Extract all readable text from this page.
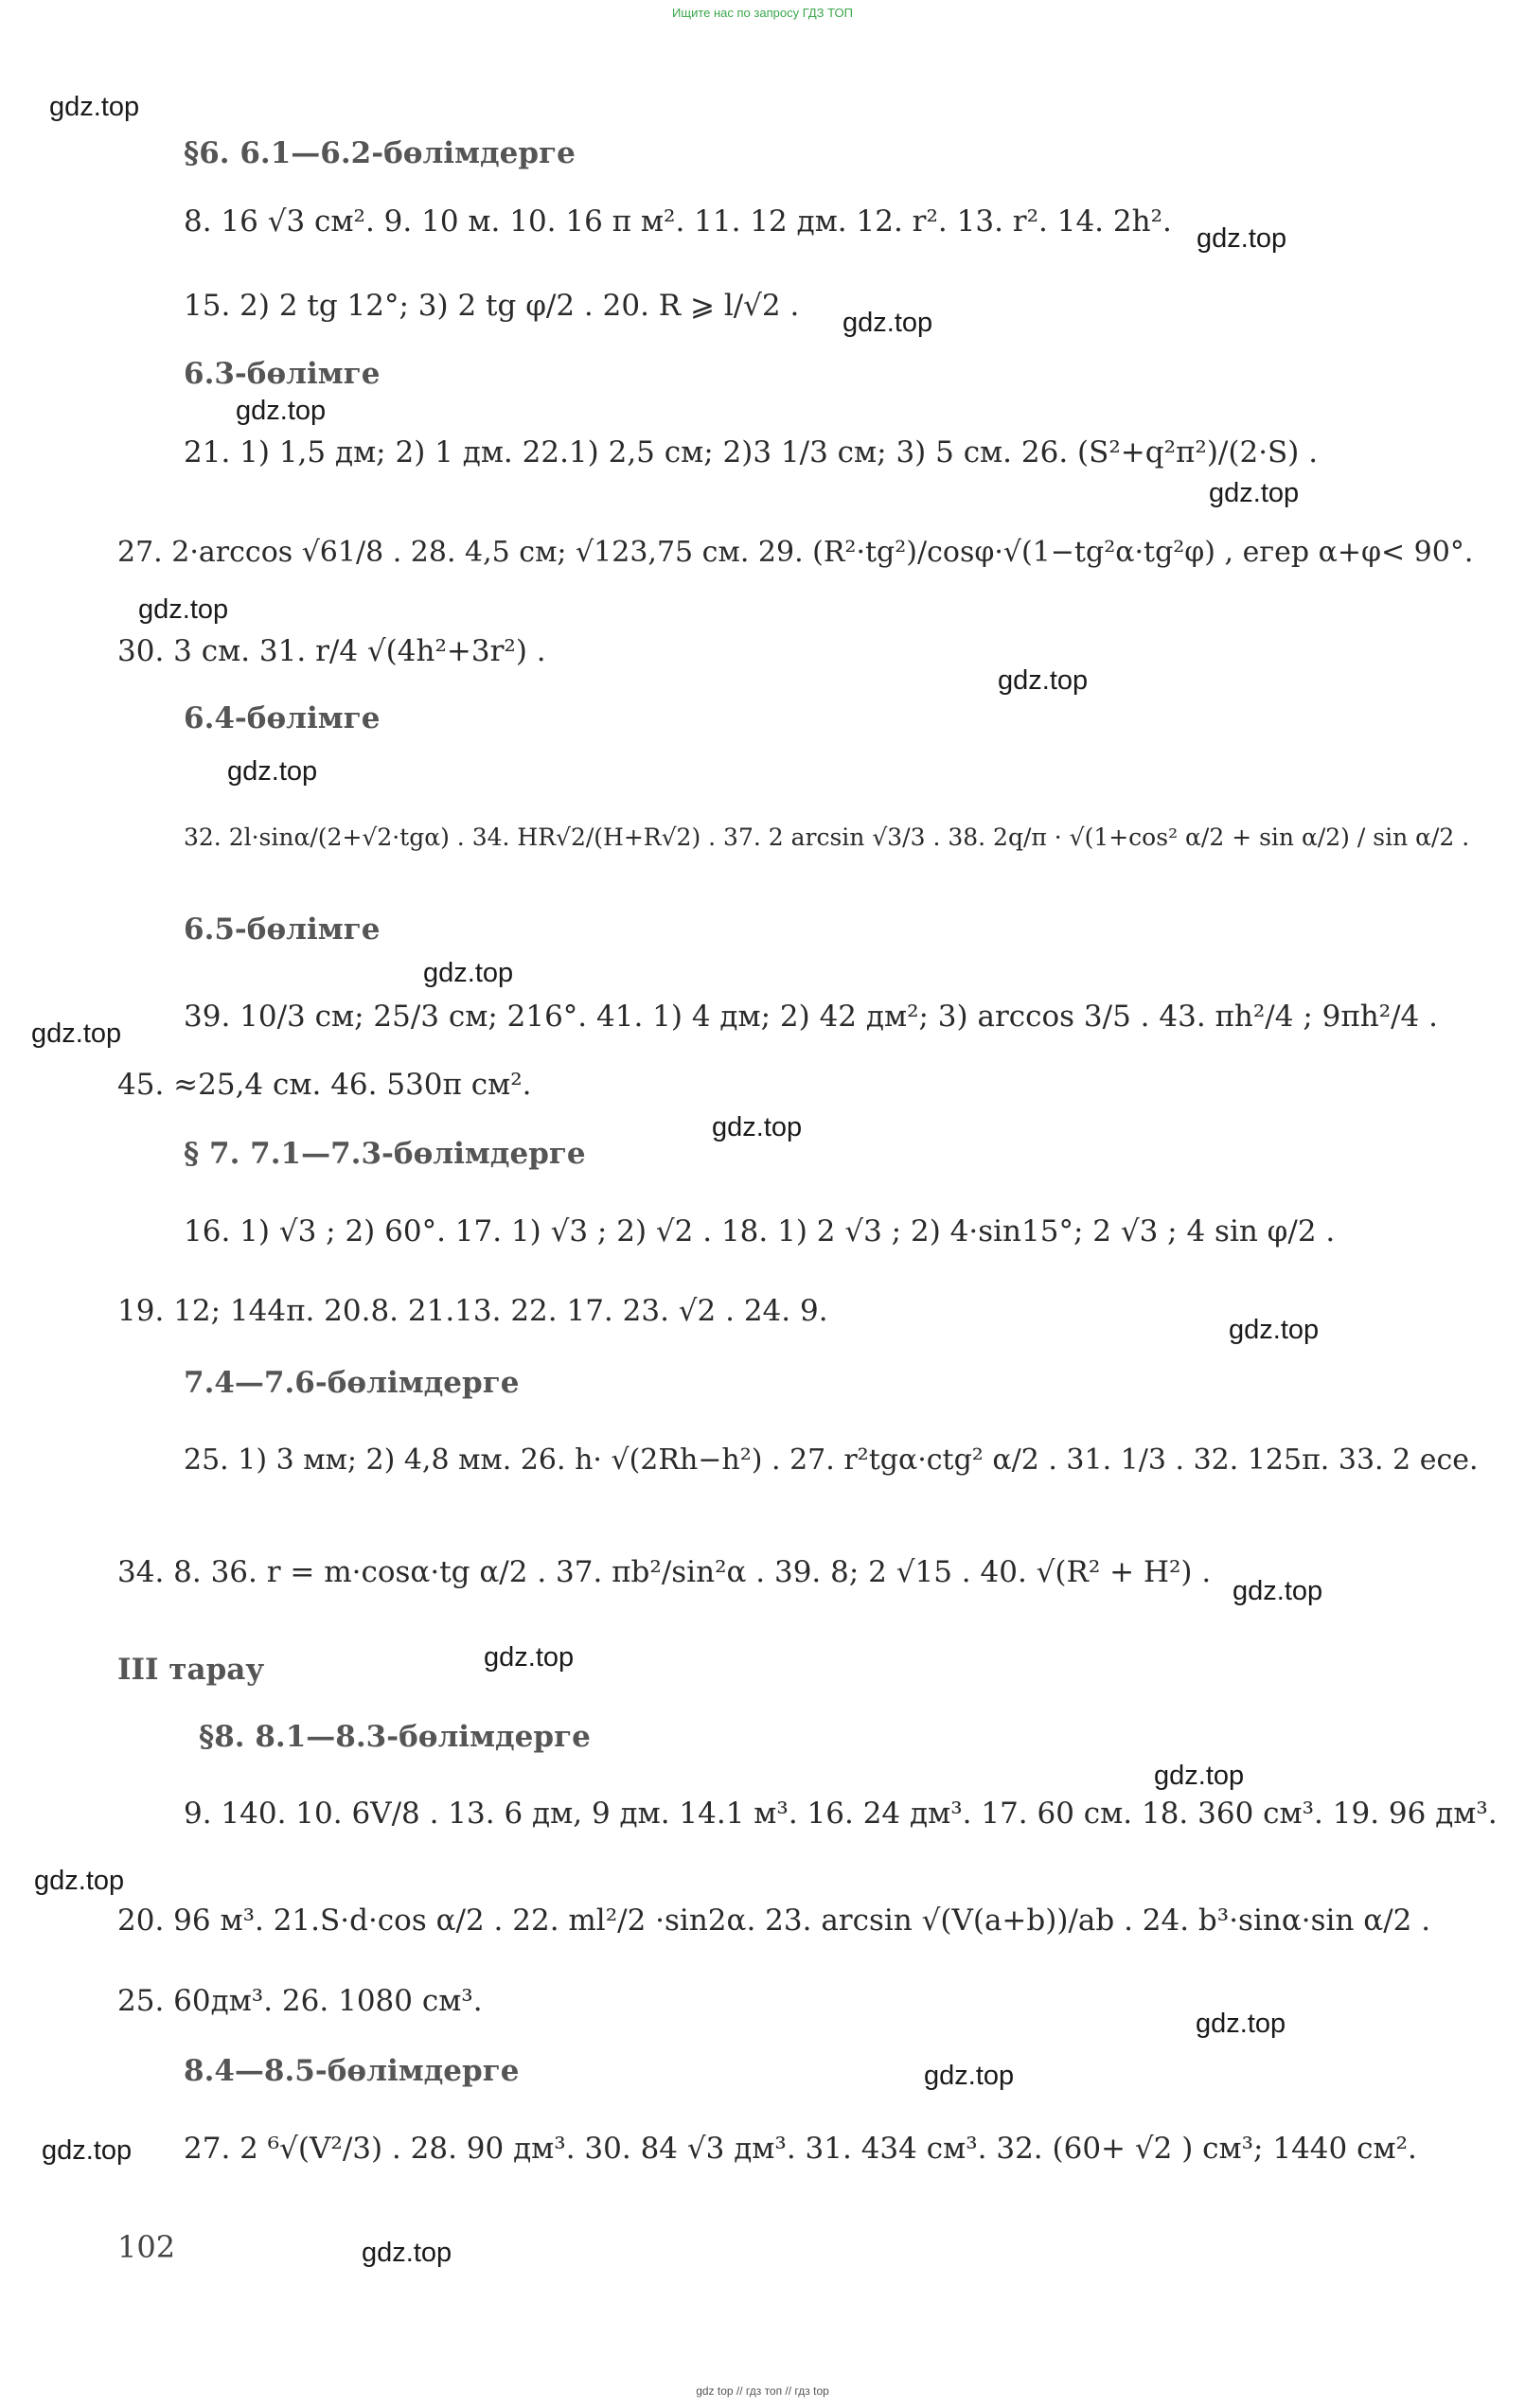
Ищите нас по запросу ГДЗ ТОП
gdz.top
gdz.top
gdz.top
gdz.top
gdz.top
gdz.top
gdz.top
gdz.top
gdz.top
gdz.top
gdz.top
gdz.top
gdz.top
gdz.top
gdz.top
gdz.top
gdz.top
gdz.top
gdz.top
gdz.top
§6. 6.1—6.2-бөлімдерге
6.3-бөлімге
6.4-бөлімге
6.5-бөлімге
§ 7. 7.1—7.3-бөлімдерге
7.4—7.6-бөлімдерге
III тарау
§8. 8.1—8.3-бөлімдерге
8.4—8.5-бөлімдерге
8. 16 √3 см². 9. 10 м. 10. 16 π м². 11. 12 дм. 12. r². 13. r². 14. 2h².
15. 2) 2 tg 12°; 3) 2 tg φ/2 . 20. R ⩾ l/√2 .
21. 1) 1,5 дм; 2) 1 дм. 22.1) 2,5 см; 2)3 1/3 см; 3) 5 см. 26. (S²+q²π²)/(2·S) .
27. 2·arccos √61/8 . 28. 4,5 см; √123,75 см. 29. (R²·tg²)/cosφ·√(1−tg²α·tg²φ) , егер α+φ< 90°.
30. 3 см. 31. r/4 √(4h²+3r²) .
32. 2l·sinα/(2+√2·tgα) . 34. HR√2/(H+R√2) . 37. 2 arcsin √3/3 . 38. 2q/π · √(1+cos² α/2 + sin α/2) / sin α/2 .
39. 10/3 см; 25/3 см; 216°. 41. 1) 4 дм; 2) 42 дм²; 3) arccos 3/5 . 43. πh²/4 ; 9πh²/4 .
45. ≈25,4 см. 46. 530π см².
16. 1) √3 ; 2) 60°. 17. 1) √3 ; 2) √2 . 18. 1) 2 √3 ; 2) 4·sin15°; 2 √3 ; 4 sin φ/2 .
19. 12; 144π. 20.8. 21.13. 22. 17. 23. √2 . 24. 9.
25. 1) 3 мм; 2) 4,8 мм. 26. h· √(2Rh−h²) . 27. r²tgα·ctg² α/2 . 31. 1/3 . 32. 125π. 33. 2 есе.
34. 8. 36. r = m·cosα·tg α/2 . 37. πb²/sin²α . 39. 8; 2 √15 . 40. √(R² + H²) .
9. 140. 10. 6V/8 . 13. 6 дм, 9 дм. 14.1 м³. 16. 24 дм³. 17. 60 см. 18. 360 см³. 19. 96 дм³.
20. 96 м³. 21.S·d·cos α/2 . 22. ml²/2 ·sin2α. 23. arcsin √(V(a+b))/ab . 24. b³·sinα·sin α/2 .
25. 60дм³. 26. 1080 см³.
27. 2 ⁶√(V²/3) . 28. 90 дм³. 30. 84 √3 дм³. 31. 434 см³. 32. (60+ √2 ) см³; 1440 см².
102
gdz top // гдз топ // гдз top
